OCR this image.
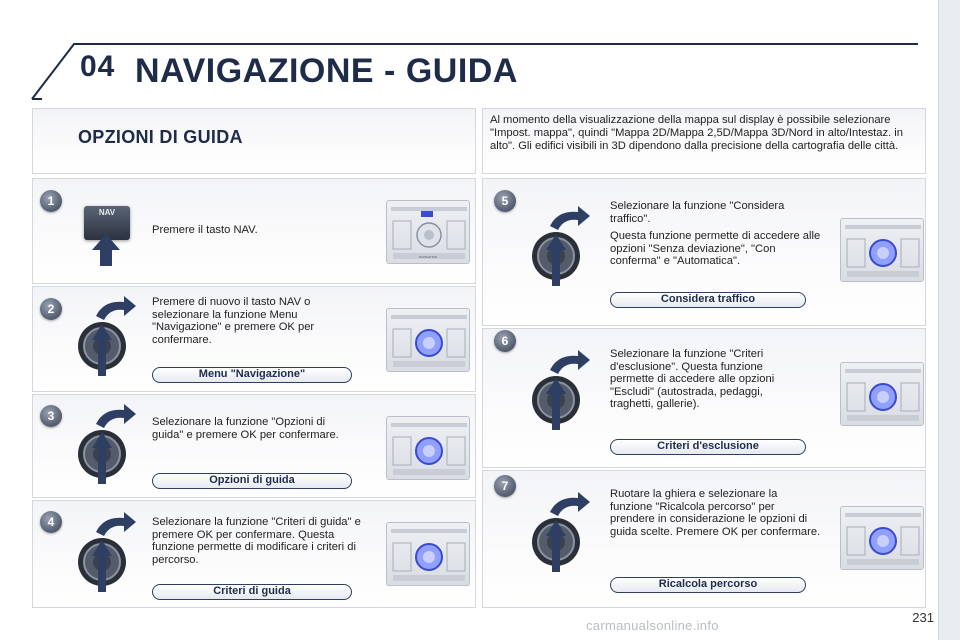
04 NAVIGAZIONE - GUIDA
OPZIONI DI GUIDA
Al momento della visualizzazione della mappa sul display è possibile selezionare "Impost. mappa", quindi "Mappa 2D/Mappa 2,5D/Mappa 3D/Nord in alto/Intestaz. in alto". Gli edifici visibili in 3D dipendono dalla precisione della cartografia delle città.
1
2
3
4
5
6
7
NAV

Premere il tasto NAV.

Premere di nuovo il tasto NAV o selezionare la funzione Menu "Navigazione" e premere OK per confermare.

Selezionare la funzione "Opzioni di guida" e premere OK per confermare.

Selezionare la funzione "Criteri di guida" e premere OK per confermare. Questa funzione permette di modificare i criteri di percorso.

Selezionare la funzione "Considera traffico".

Questa funzione permette di accedere alle opzioni "Senza deviazione", "Con conferma" e "Automatica".

Selezionare la funzione "Criteri d'esclusione". Questa funzione permette di accedere alle opzioni "Escludi" (autostrada, pedaggi, traghetti, gallerie).

Ruotare la ghiera e selezionare la funzione "Ricalcola percorso" per prendere in considerazione le opzioni di guida scelte. Premere OK per confermare.

Menu "Navigazione"
Opzioni di guida
Criteri di guida
Considera traffico
Criteri d'esclusione
Ricalcola percorso
NAVIGATION
carmanualsonline.info
231
